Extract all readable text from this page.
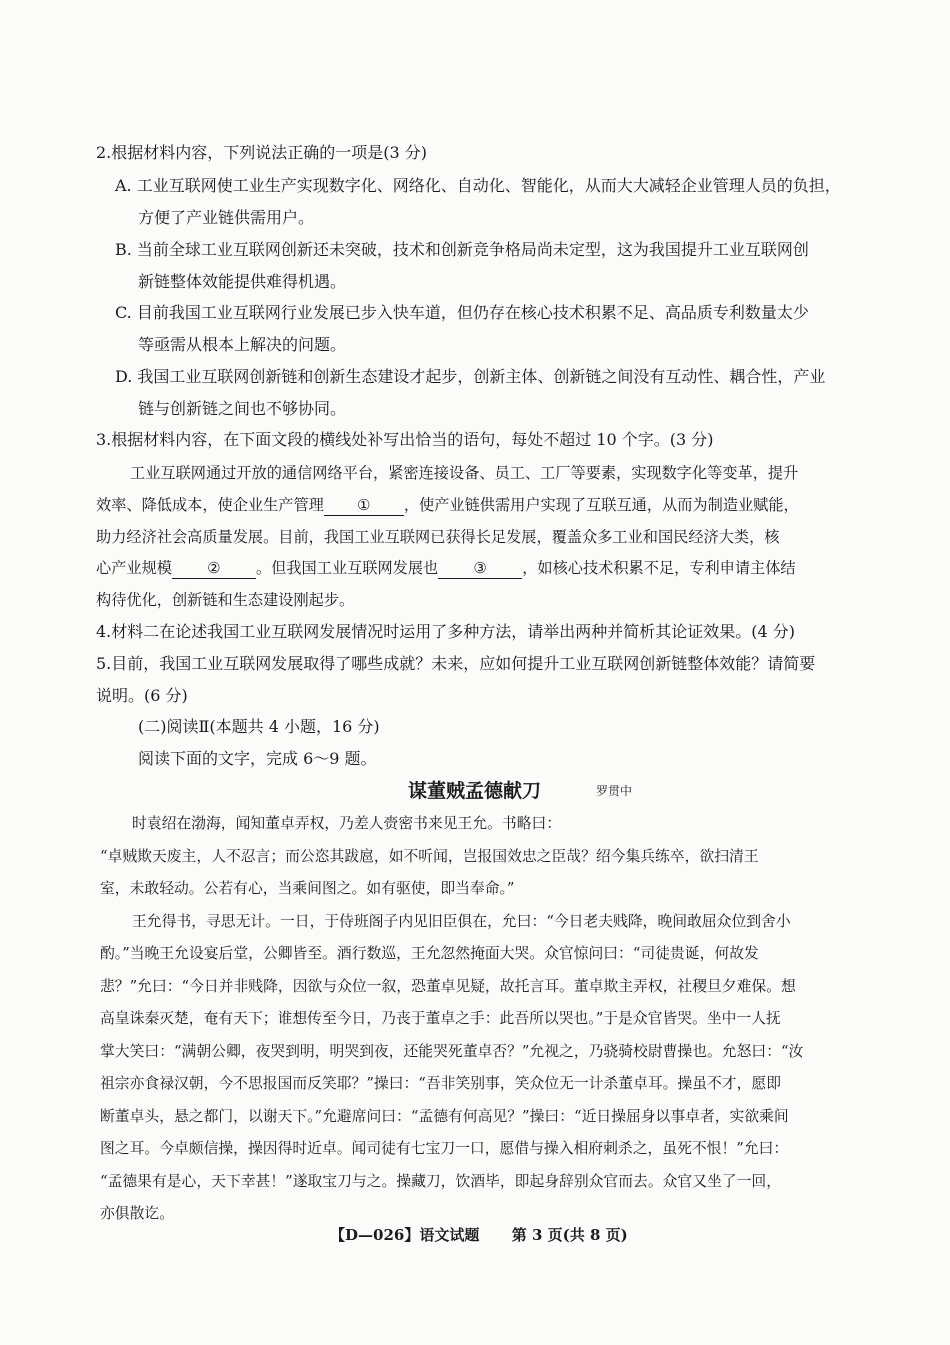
2.根据材料内容，下列说法正确的一项是(3 分)
A. 工业互联网使工业生产实现数字化、网络化、自动化、智能化，从而大大减轻企业管理人员的负担，
方便了产业链供需用户。
B. 当前全球工业互联网创新还未突破，技术和创新竞争格局尚未定型，这为我国提升工业互联网创
新链整体效能提供难得机遇。
C. 目前我国工业互联网行业发展已步入快车道，但仍存在核心技术积累不足、高品质专利数量太少
等亟需从根本上解决的问题。
D. 我国工业互联网创新链和创新生态建设才起步，创新主体、创新链之间没有互动性、耦合性，产业
链与创新链之间也不够协同。
3.根据材料内容，在下面文段的横线处补写出恰当的语句，每处不超过 10 个字。(3 分)
工业互联网通过开放的通信网络平台，紧密连接设备、员工、工厂等要素，实现数字化等变革，提升
效率、降低成本，使企业生产管理 ① ，使产业链供需用户实现了互联互通，从而为制造业赋能，
助力经济社会高质量发展。目前，我国工业互联网已获得长足发展，覆盖众多工业和国民经济大类，核
心产业规模 ② 。但我国工业互联网发展也 ③ ，如核心技术积累不足，专利申请主体结
构待优化，创新链和生态建设刚起步。
4.材料二在论述我国工业互联网发展情况时运用了多种方法，请举出两种并简析其论证效果。(4 分)
5.目前，我国工业互联网发展取得了哪些成就？未来，应如何提升工业互联网创新链整体效能？请简要
说明。(6 分)
(二)阅读Ⅱ(本题共 4 小题，16 分)
阅读下面的文字，完成 6～9 题。
谋董贼孟德献刀	罗贯中
时袁绍在渤海，闻知董卓弄权，乃差人赍密书来见王允。书略曰：
“卓贼欺天废主，人不忍言；而公恣其跋扈，如不听闻，岂报国效忠之臣哉？绍今集兵练卒，欲扫清王
室，未敢轻动。公若有心，当乘间图之。如有驱使，即当奉命。”
王允得书，寻思无计。一日，于侍班阁子内见旧臣俱在，允曰：“今日老夫贱降，晚间敢屈众位到舍小
酌。”当晚王允设宴后堂，公卿皆至。酒行数巡，王允忽然掩面大哭。众官惊问曰：“司徒贵诞，何故发
悲？”允曰：“今日并非贱降，因欲与众位一叙，恐董卓见疑，故托言耳。董卓欺主弄权，社稷旦夕难保。想
高皇诛秦灭楚，奄有天下；谁想传至今日，乃丧于董卓之手：此吾所以哭也。”于是众官皆哭。坐中一人抚
掌大笑曰：“满朝公卿，夜哭到明，明哭到夜，还能哭死董卓否？”允视之，乃骁骑校尉曹操也。允怒曰：“汝
祖宗亦食禄汉朝，今不思报国而反笑耶？”操曰：“吾非笑别事，笑众位无一计杀董卓耳。操虽不才，愿即
断董卓头，悬之都门，以谢天下。”允避席问曰：“孟德有何高见？”操曰：“近日操屈身以事卓者，实欲乘间
图之耳。今卓颇信操，操因得时近卓。闻司徒有七宝刀一口，愿借与操入相府刺杀之，虽死不恨！”允曰：
“孟德果有是心，天下幸甚！”遂取宝刀与之。操藏刀，饮酒毕，即起身辞别众官而去。众官又坐了一回，
亦俱散讫。
【D—026】语文试题 第 3 页(共 8 页)
